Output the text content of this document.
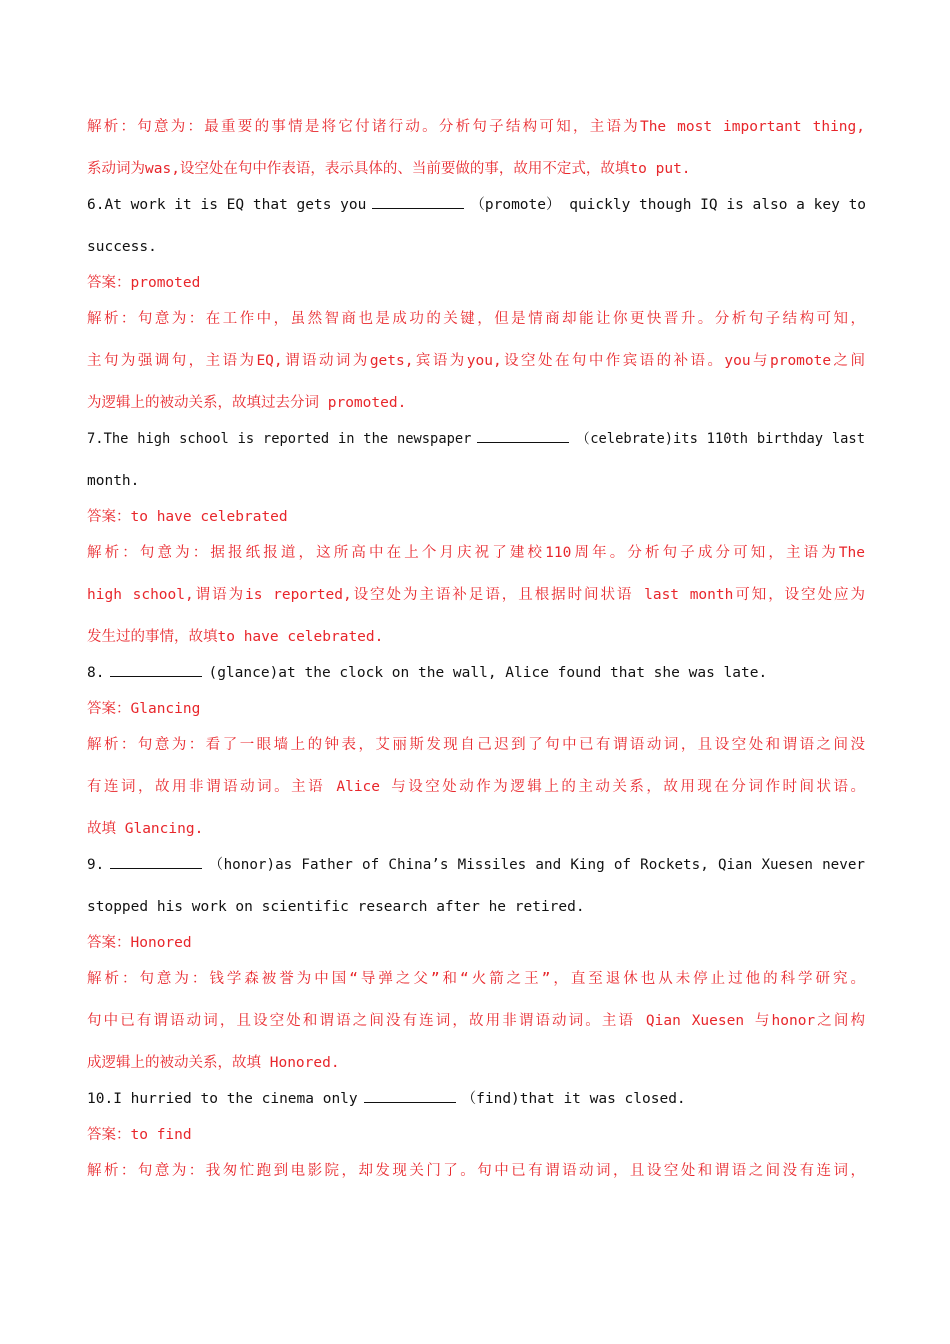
解析：句意为：最重要的事情是将它付诸行动。分析句子结构可知，主语为The most important thing,
系动词为was,设空处在句中作表语，表示具体的、当前要做的事，故用不定式，故填to put.
6.At work it is EQ that gets you	（promote） quickly though IQ is also a key to
success.
答案：promoted
解析：句意为：在工作中，虽然智商也是成功的关键，但是情商却能让你更快晋升。分析句子结构可知，
主句为强调句，主语为EQ,谓语动词为gets,宾语为you,设空处在句中作宾语的补语。you与promote之间
为逻辑上的被动关系，故填过去分词 promoted.
7.The high school is reported in the newspaper	（celebrate)its 110th birthday last
month.
答案：to have celebrated
解析：句意为：据报纸报道，这所高中在上个月庆祝了建校110周年。分析句子成分可知，主语为The
high school,谓语为is reported,设空处为主语补足语，且根据时间状语 last month可知，设空处应为
发生过的事情，故填to have celebrated.
8.	(glance)at the clock on the wall, Alice found that she was late.
答案：Glancing
解析：句意为：看了一眼墙上的钟表，艾丽斯发现自己迟到了句中已有谓语动词，且设空处和谓语之间没
有连词，故用非谓语动词。主语 Alice 与设空处动作为逻辑上的主动关系，故用现在分词作时间状语。
故填 Glancing.
9.	（honor)as Father of China’s Missiles and King of Rockets, Qian Xuesen never
stopped his work on scientific research after he retired.
答案：Honored
解析：句意为：钱学森被誉为中国“导弹之父”和“火箭之王”，直至退休也从未停止过他的科学研究。
句中已有谓语动词，且设空处和谓语之间没有连词，故用非谓语动词。主语 Qian Xuesen 与honor之间构
成逻辑上的被动关系，故填 Honored.
10.I hurried to the cinema only	（find)that it was closed.
答案：to find
解析：句意为：我匆忙跑到电影院，却发现关门了。句中已有谓语动词，且设空处和谓语之间没有连词，
